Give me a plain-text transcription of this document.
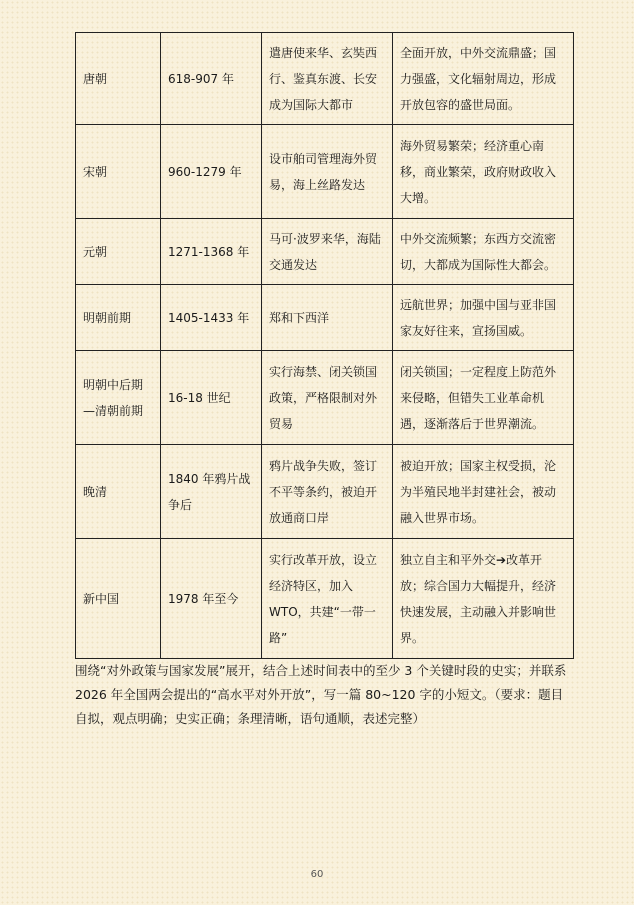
唐朝	618-907 年	遣唐使来华、玄奘西行、鉴真东渡、长安成为国际大都市	全面开放，中外交流鼎盛；国力强盛，文化辐射周边，形成开放包容的盛世局面。
宋朝	960-1279 年	设市舶司管理海外贸易，海上丝路发达	海外贸易繁荣；经济重心南移，商业繁荣，政府财政收入大增。
元朝	1271-1368 年	马可·波罗来华，海陆交通发达	中外交流频繁；东西方交流密切，大都成为国际性大都会。
明朝前期	1405-1433 年	郑和下西洋	远航世界；加强中国与亚非国家友好往来，宣扬国威。
明朝中后期—清朝前期	16-18 世纪	实行海禁、闭关锁国政策，严格限制对外贸易	闭关锁国；一定程度上防范外来侵略，但错失工业革命机遇，逐渐落后于世界潮流。
晚清	1840 年鸦片战争后	鸦片战争失败，签订不平等条约，被迫开放通商口岸	被迫开放；国家主权受损，沦为半殖民地半封建社会，被动融入世界市场。
新中国	1978 年至今	实行改革开放，设立经济特区，加入 WTO，共建“一带一路”	独立自主和平外交➔改革开放；综合国力大幅提升，经济快速发展，主动融入并影响世界。
围绕“对外政策与国家发展”展开，结合上述时间表中的至少 3 个关键时段的史实；并联系 2026 年全国两会提出的“高水平对外开放”，写一篇 80~120 字的小短文。（要求：题目自拟，观点明确；史实正确；条理清晰，语句通顺，表述完整）
60
